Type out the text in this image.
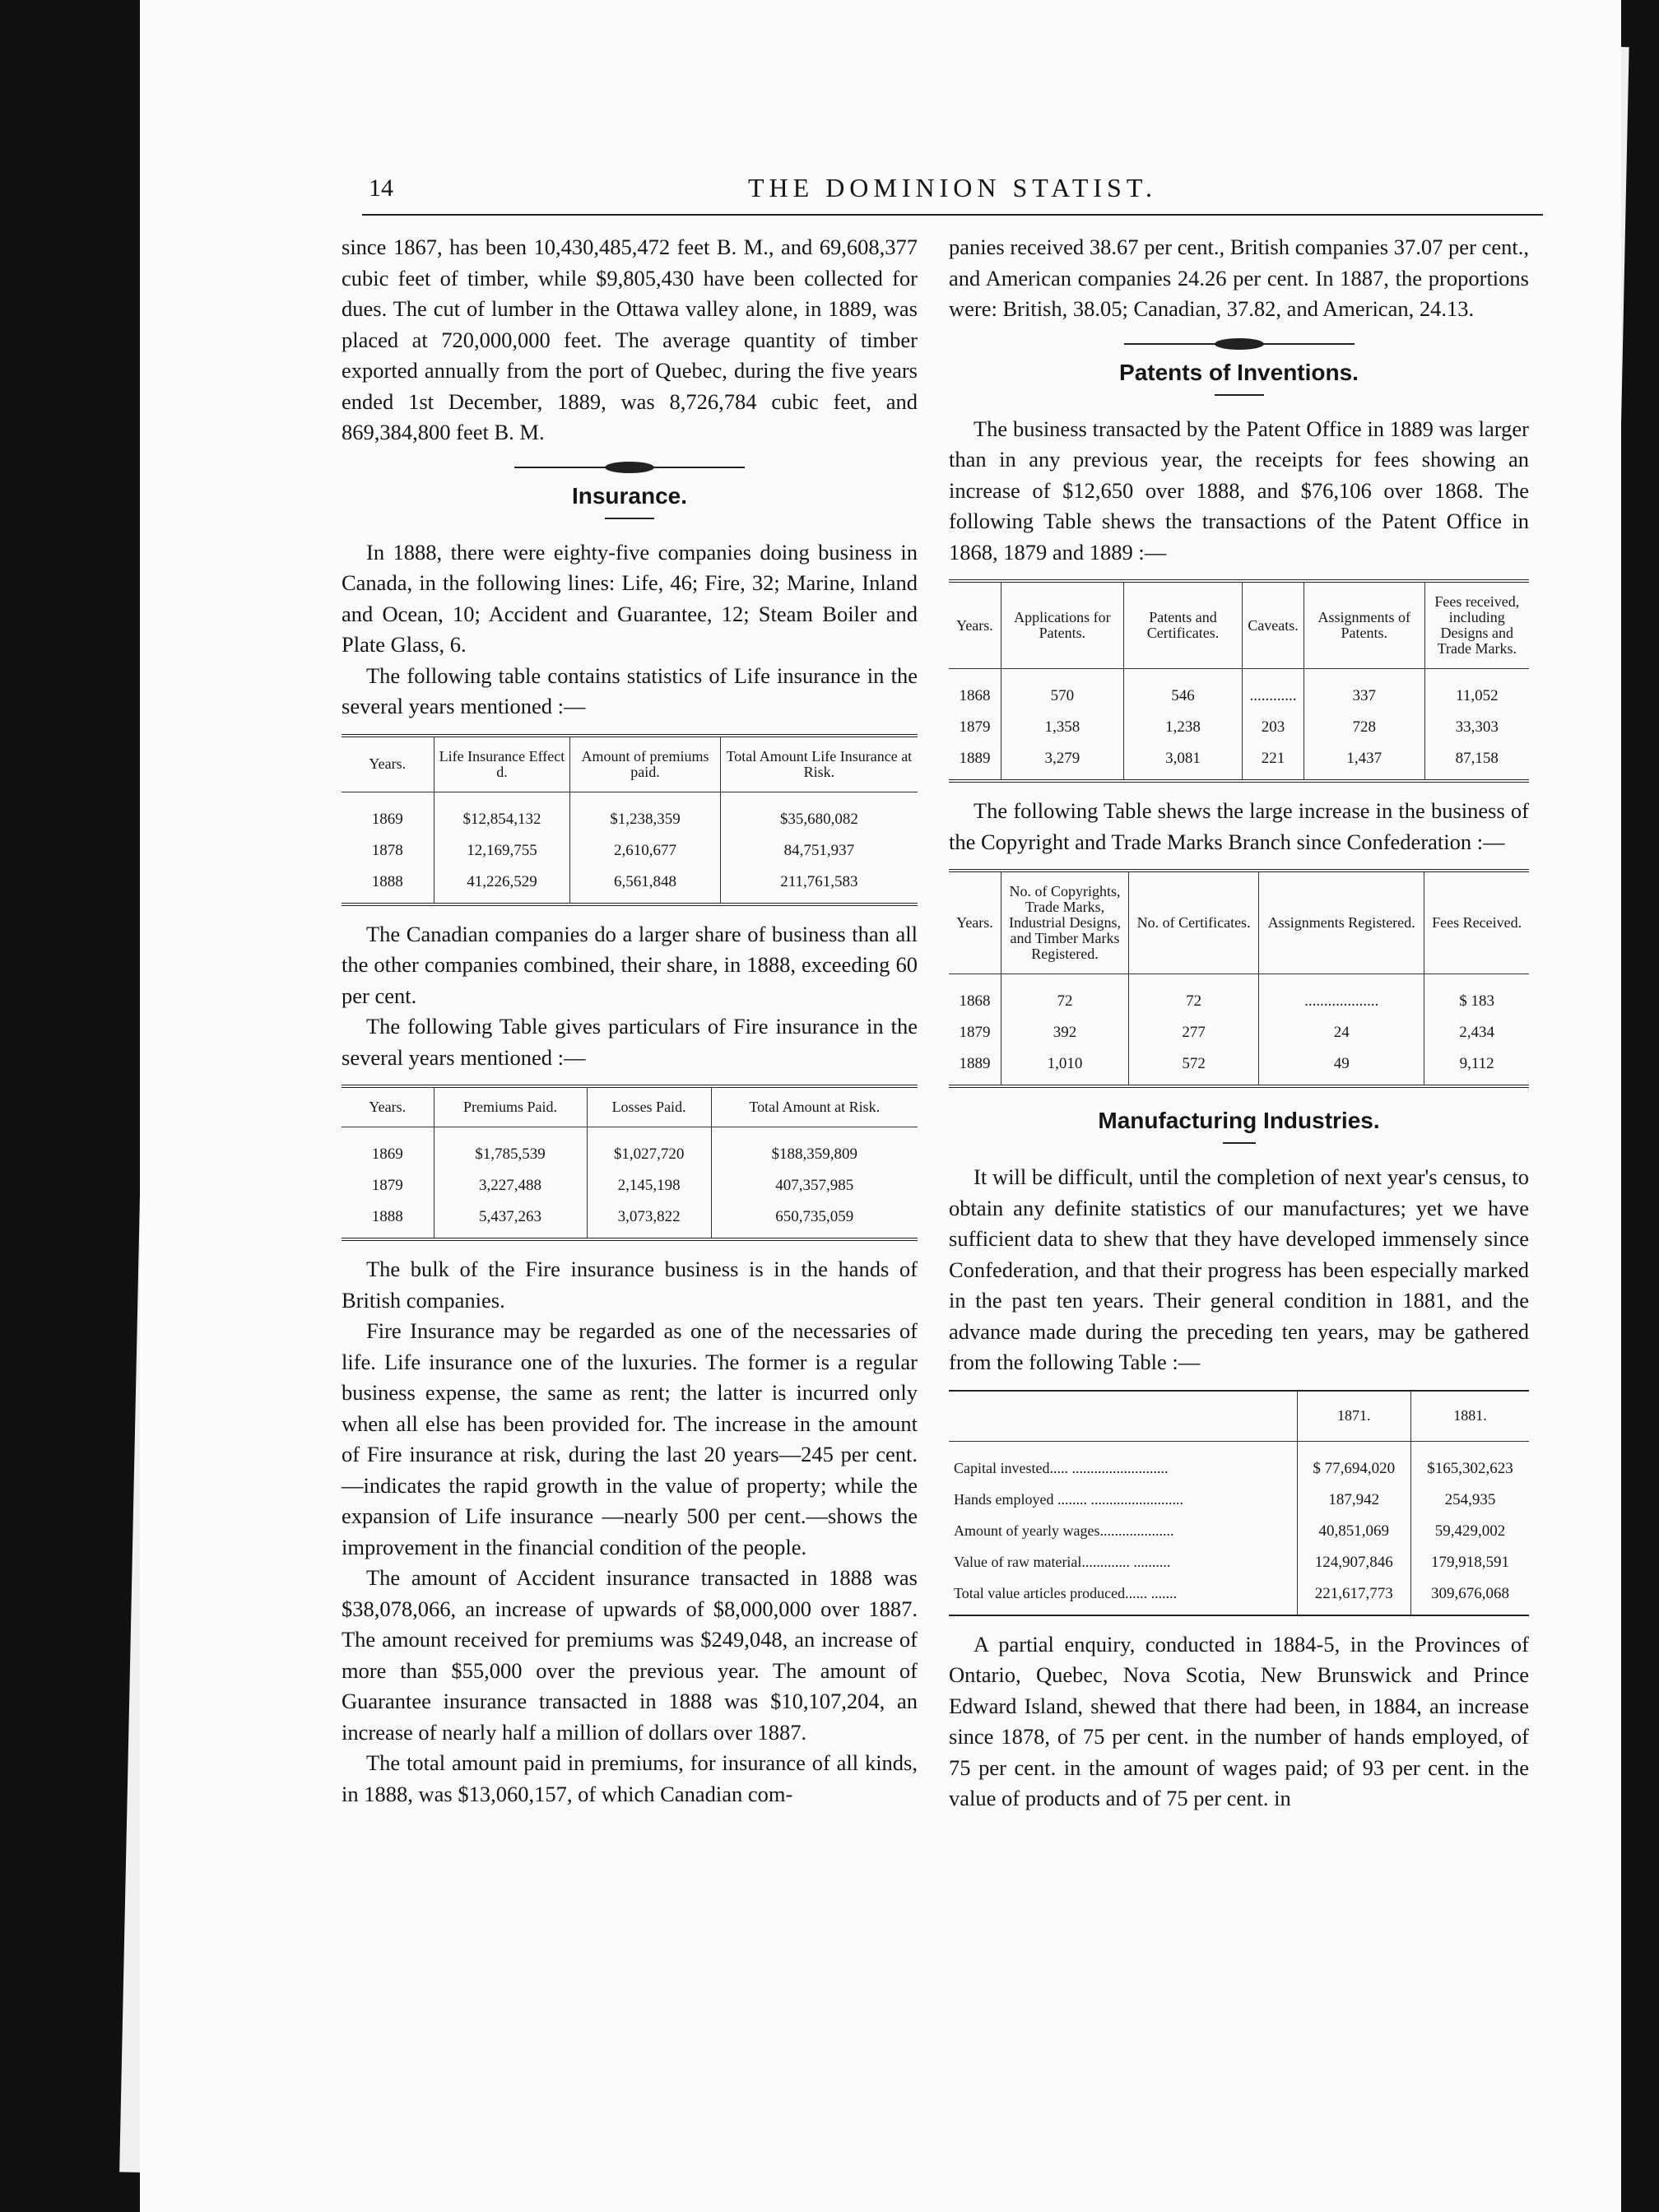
14	THE DOMINION STATIST.

since 1867, has been 10,430,485,472 feet B. M., and 69,608,377 cubic feet of timber, while $9,805,430 have been collected for dues. The cut of lumber in the Ottawa valley alone, in 1889, was placed at 720,000,000 feet. The average quantity of timber exported annually from the port of Quebec, during the five years ended 1st December, 1889, was 8,726,784 cubic feet, and 869,384,800 feet B. M.

Insurance.

In 1888, there were eighty-five companies doing business in Canada, in the following lines: Life, 46; Fire, 32; Marine, Inland and Ocean, 10; Accident and Guarantee, 12; Steam Boiler and Plate Glass, 6.

The following table contains statistics of Life insurance in the several years mentioned :—

Years.	Life Insurance Effect d.	Amount of premiums paid.	Total Amount Life Insurance at Risk.
1869	$12,854,132	$1,238,359	$35,680,082
1878	12,169,755	2,610,677	84,751,937
1888	41,226,529	6,561,848	211,761,583

The Canadian companies do a larger share of business than all the other companies combined, their share, in 1888, exceeding 60 per cent.

The following Table gives particulars of Fire insurance in the several years mentioned :—

Years.	Premiums Paid.	Losses Paid.	Total Amount at Risk.
1869	$1,785,539	$1,027,720	$188,359,809
1879	3,227,488	2,145,198	407,357,985
1888	5,437,263	3,073,822	650,735,059

The bulk of the Fire insurance business is in the hands of British companies.

Fire Insurance may be regarded as one of the necessaries of life. Life insurance one of the luxuries. The former is a regular business expense, the same as rent; the latter is incurred only when all else has been provided for. The increase in the amount of Fire insurance at risk, during the last 20 years—245 per cent.—indicates the rapid growth in the value of property; while the expansion of Life insurance —nearly 500 per cent.—shows the improvement in the financial condition of the people.

The amount of Accident insurance transacted in 1888 was $38,078,066, an increase of upwards of $8,000,000 over 1887. The amount received for premiums was $249,048, an increase of more than $55,000 over the previous year. The amount of Guarantee insurance transacted in 1888 was $10,107,204, an increase of nearly half a million of dollars over 1887.

The total amount paid in premiums, for insurance of all kinds, in 1888, was $13,060,157, of which Canadian com-

panies received 38.67 per cent., British companies 37.07 per cent., and American companies 24.26 per cent. In 1887, the proportions were: British, 38.05; Canadian, 37.82, and American, 24.13.

Patents of Inventions.

The business transacted by the Patent Office in 1889 was larger than in any previous year, the receipts for fees showing an increase of $12,650 over 1888, and $76,106 over 1868. The following Table shews the transactions of the Patent Office in 1868, 1879 and 1889 :—

Years.	Applications for Patents.	Patents and Certificates.	Caveats.	Assignments of Patents.	Fees received, including Designs and Trade Marks.
1868	570	546	............	337	11,052
1879	1,358	1,238	203	728	33,303
1889	3,279	3,081	221	1,437	87,158

The following Table shews the large increase in the business of the Copyright and Trade Marks Branch since Confederation :—

Years.	No. of Copyrights, Trade Marks, Industrial Designs, and Timber Marks Registered.	No. of Certificates.	Assignments Registered.	Fees Received.
1868	72	72	...................	$ 183
1879	392	277	24	2,434
1889	1,010	572	49	9,112
Manufacturing Industries.

It will be difficult, until the completion of next year's census, to obtain any definite statistics of our manufactures; yet we have sufficient data to shew that they have developed immensely since Confederation, and that their progress has been especially marked in the past ten years. Their general condition in 1881, and the advance made during the preceding ten years, may be gathered from the following Table :—

	1871.	1881.
Capital invested..... ..........................	$ 77,694,020	$165,302,623
Hands employed ........ .........................	187,942	254,935
Amount of yearly wages....................	40,851,069	59,429,002
Value of raw material............. ..........	124,907,846	179,918,591
Total value articles produced...... .......	221,617,773	309,676,068

A partial enquiry, conducted in 1884-5, in the Provinces of Ontario, Quebec, Nova Scotia, New Brunswick and Prince Edward Island, shewed that there had been, in 1884, an increase since 1878, of 75 per cent. in the number of hands employed, of 75 per cent. in the amount of wages paid; of 93 per cent. in the value of products and of 75 per cent. in
